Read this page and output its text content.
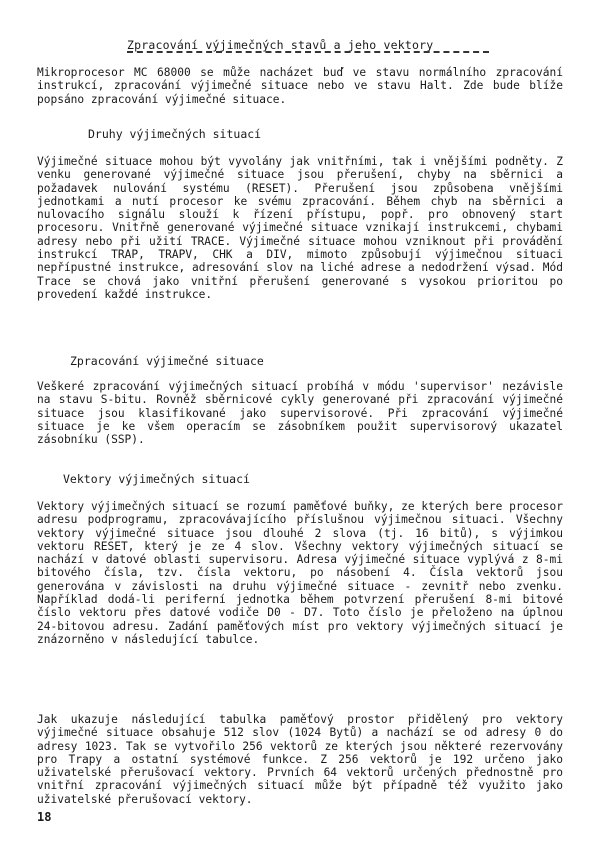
Zpracování výjimečných stavů a jeho vektory
Mikroprocesor MC 68000 se může nacházet buď ve stavu normálního zpracování instrukcí, zpracování výjimečné situace nebo ve stavu Halt. Zde bude blíže popsáno zpracování výjimečné situace.
Druhy výjimečných situací
Výjimečné situace mohou být vyvolány jak vnitřními, tak i vnějšími podněty. Z venku generované výjimečné situace jsou přerušení, chyby na sběrnici a požadavek nulování systému (RESET). Přerušení jsou způsobena vnějšími jednotkami a nutí procesor ke svému zpracování. Během chyb na sběrnici a nulovacího signálu slouží k řízení přístupu, popř. pro obnovený start procesoru. Vnitřně generované výjimečné situace vznikají instrukcemi, chybami adresy nebo při užití TRACE. Výjimečné situace mohou vzniknout při provádění instrukcí TRAP, TRAPV, CHK a DIV, mimoto způsobují výjimečnou situaci nepřípustné instrukce, adresování slov na liché adrese a nedodržení výsad. Mód Trace se chová jako vnitřní přerušení generované s vysokou prioritou po provedení každé instrukce.
Zpracování výjimečné situace
Veškeré zpracování výjimečných situací probíhá v módu 'supervisor' nezávisle na stavu S-bitu. Rovněž sběrnicové cykly generované při zpracování výjimečné situace jsou klasifikované jako supervisorové. Při zpracování výjimečné situace je ke všem operacím se zásobníkem použit supervisorový ukazatel zásobníku (SSP).
Vektory výjimečných situací
Vektory výjimečných situací se rozumí paměťové buňky, ze kterých bere procesor adresu podprogramu, zpracovávajícího příslušnou výjimečnou situaci. Všechny vektory výjimečné situace jsou dlouhé 2 slova (tj. 16 bitů), s výjimkou vektoru RESET, který je ze 4 slov. Všechny vektory výjimečných situací se nachází v datové oblasti supervisoru. Adresa výjimečné situace vyplývá z 8-mi bitového čísla, tzv. čísla vektoru, po násobení 4. Čísla vektorů jsou generována v závislosti na druhu výjimečné situace - zevnitř nebo zvenku. Například dodá-li periferní jednotka během potvrzení přerušení 8-mi bitové číslo vektoru přes datové vodiče D0 - D7. Toto číslo je přeloženo na úplnou 24-bitovou adresu. Zadání paměťových míst pro vektory výjimečných situací je znázorněno v následující tabulce.
Jak ukazuje následující tabulka paměťový prostor přidělený pro vektory výjimečné situace obsahuje 512 slov (1024 Bytů) a nachází se od adresy 0 do adresy 1023. Tak se vytvořilo 256 vektorů ze kterých jsou některé rezervovány pro Trapy a ostatní systémové funkce. Z 256 vektorů je 192 určeno jako uživatelské přerušovací vektory. Prvních 64 vektorů určených přednostně pro vnitřní zpracování výjimečných situací může být případně též využito jako uživatelské přerušovací vektory.
18
